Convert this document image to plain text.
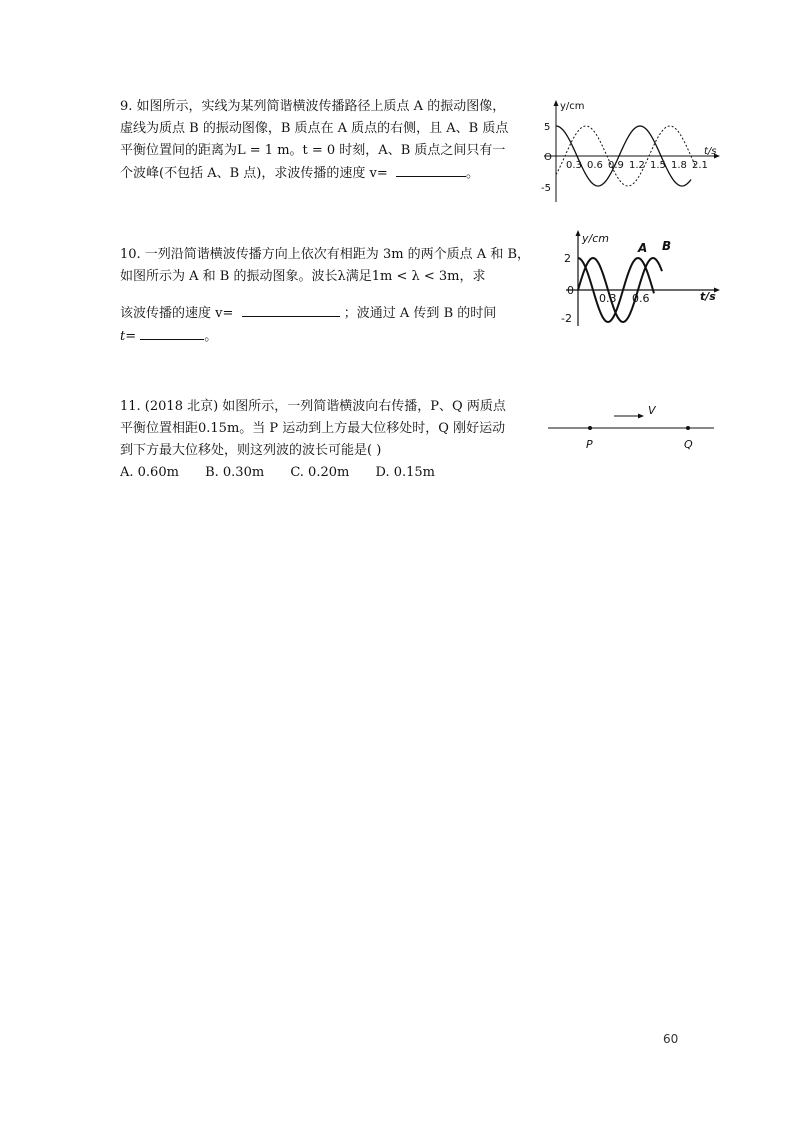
9. 如图所示，实线为某列简谐横波传播路径上质点 A 的振动图像，

虚线为质点 B 的振动图像，B 质点在 A 质点的右侧，且 A、B 质点

平衡位置间的距离为L = 1 m。t = 0 时刻，A、B 质点之间只有一

个波峰(不包括 A、B 点)，求波传播的速度 v=	。

y/cm
t/s
O
5
-5
0.3 0.6 0.9 1.2 1.5 1.8 2.1

10. 一列沿简谐横波传播方向上依次有相距为 3m 的两个质点 A 和 B，

如图所示为 A 和 B 的振动图象。波长λ满足1m < λ < 3m，求

该波传播的速度 v=	；波通过 A 传到 B 的时间

t=	。

y/cm
t/s
0
2
-2
0.3 0.6
A B

11. (2018 北京) 如图所示，一列简谐横波向右传播，P、Q 两质点

平衡位置相距0.15m。当 P 运动到上方最大位移处时，Q 刚好运动

到下方最大位移处，则这列波的波长可能是( )

A. 0.60m B. 0.30m C. 0.20m D. 0.15m

V
P	Q
60
